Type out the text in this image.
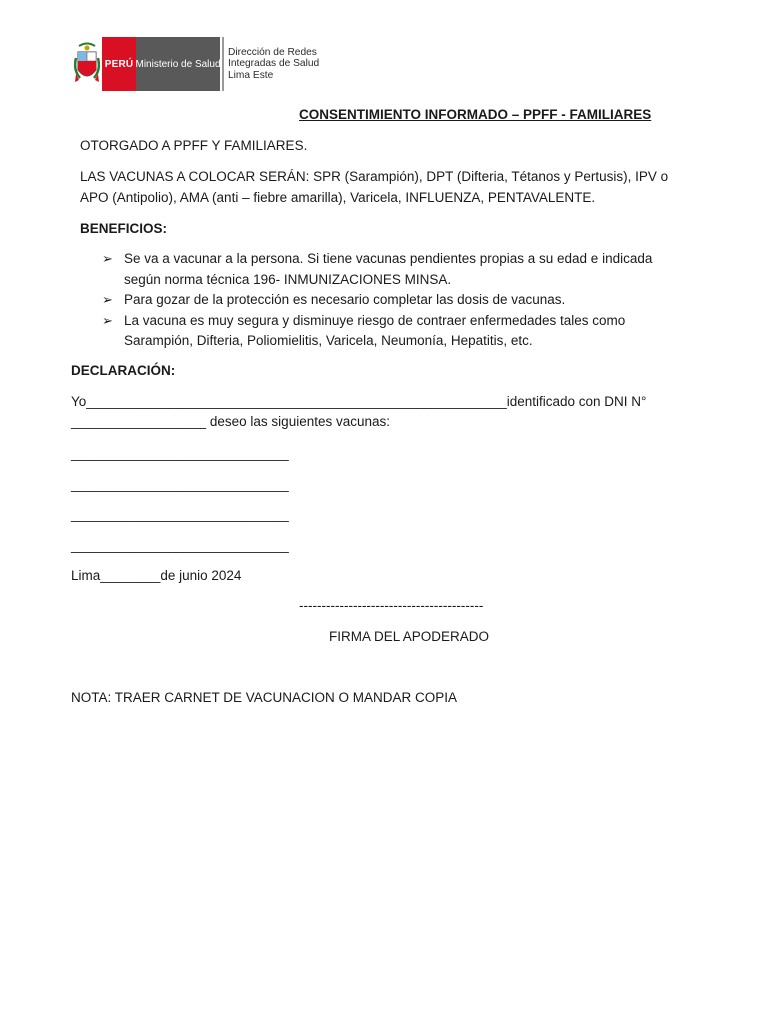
PERÚ Ministerio de Salud
Dirección de Redes
Integradas de Salud
Lima Este
CONSENTIMIENTO INFORMADO – PPFF - FAMILIARES
OTORGADO A PPFF Y FAMILIARES.
LAS VACUNAS A COLOCAR SERÁN: SPR (Sarampión), DPT (Difteria, Tétanos y Pertusis), IPV o
APO (Antipolio), AMA (anti – fiebre amarilla), Varicela, INFLUENZA, PENTAVALENTE.
BENEFICIOS:
➢ Se va a vacunar a la persona. Si tiene vacunas pendientes propias a su edad e indicada
según norma técnica 196- INMUNIZACIONES MINSA.
➢ Para gozar de la protección es necesario completar las dosis de vacunas.
➢ La vacuna es muy segura y disminuye riesgo de contraer enfermedades tales como
Sarampión, Difteria, Poliomielitis, Varicela, Neumonía, Hepatitis, etc.
DECLARACIÓN:
Yo________________________________________________________identificado con DNI N°
__________________ deseo las siguientes vacunas:
_____________________________
_____________________________
_____________________________
_____________________________
Lima________de junio 2024
-----------------------------------------
FIRMA DEL APODERADO
NOTA: TRAER CARNET DE VACUNACION O MANDAR COPIA
